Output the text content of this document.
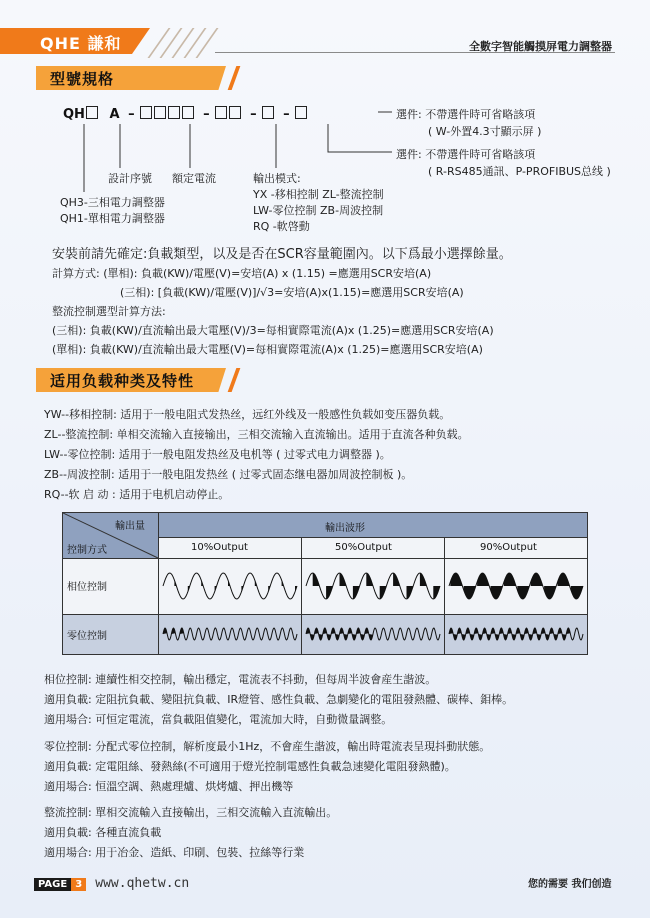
QHE 謙和	全數字智能觸摸屏電力調整器
型號規格
QH A –	–	– –	選件: 不帶選件時可省略該項
( W-外置4.3寸顯示屏 )
選件: 不帶選件時可省略該項
( R-RS485通訊、P-PROFIBUS总线 )
設計序號 額定電流	輸出模式:
YX -移相控制 ZL-整流控制
LW-零位控制 ZB-周波控制
RQ -軟啓動
QH3-三相電力調整器
QH1-單相電力調整器
安裝前請先確定:負載類型，以及是否在SCR容量範圍內。以下爲最小選擇餘量。
計算方式: (單相): 負載(KW)/電壓(V)=安培(A) x (1.15) =應選用SCR安培(A)
(三相): [負載(KW)/電壓(V)]/√3=安培(A)x(1.15)=應選用SCR安培(A)
整流控制選型計算方法:
(三相): 負載(KW)/直流輸出最大電壓(V)/3=每相實際電流(A)x (1.25)=應選用SCR安培(A)
(單相): 負載(KW)/直流輸出最大電壓(V)=每相實際電流(A)x (1.25)=應選用SCR安培(A)
适用负载种类及特性
YW--移相控制: 适用于一般电阻式发热丝，远红外线及一般感性负载如变压器负载。
ZL--整流控制: 单相交流输入直接输出，三相交流输入直流输出。适用于直流各种负载。
LW--零位控制: 适用于一般电阻发热丝及电机等 ( 过零式电力调整器 )。
ZB--周波控制: 适用于一般电阻发热丝 ( 过零式固态继电器加周波控制板 )。
RQ--软 启 动 : 适用于电机启动停止。
輸出量
控制方式
輸出波形
10%Output	50%Output	90%Output
相位控制
零位控制
相位控制: 連續性相交控制，輸出穩定，電流表不抖動，但每周半波會産生諧波。
適用負載: 定阻抗負載、變阻抗負載、IR燈管、感性負載、急劇變化的電阻發熱體、碳棒、鉬棒。
適用場合: 可恒定電流，當負載阻值變化，電流加大時，自動微量調整。
零位控制: 分配式零位控制，解析度最小1Hz，不會産生諧波，輸出時電流表呈現抖動狀態。
適用負載: 定電阻絲、發熱絲(不可適用于燈光控制電感性負載急速變化電阻發熱體)。
適用場合: 恒溫空調、熱處理爐、烘烤爐、押出機等
整流控制: 單相交流輸入直接輸出，三相交流輸入直流輸出。
適用負載: 各種直流負載
適用場合: 用于冶金、造紙、印刷、包裝、拉絲等行業
PAGE 3 www.qhetw.cn	您的需要 我们创造
